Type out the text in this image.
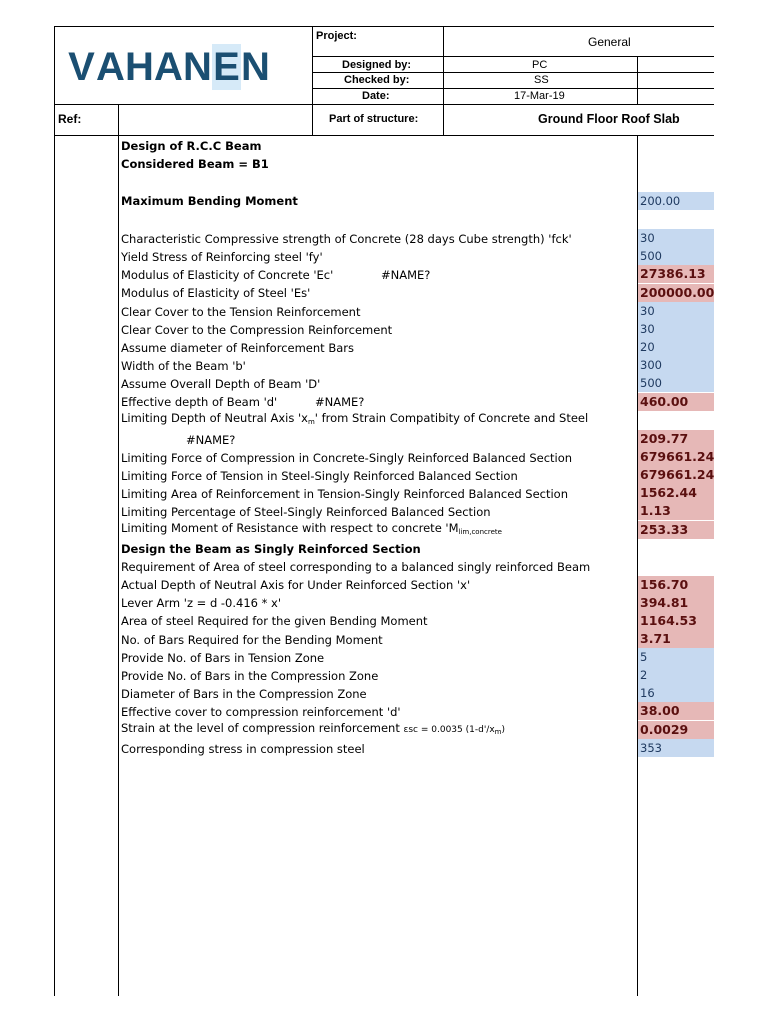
V A H A N E N
Project:	General
Designed by:	PC
Checked by:	SS
Date:	17-Mar-19
Ref:	Part of structure:	Ground Floor Roof Slab
Design of R.C.C Beam
Considered Beam = B1
Maximum Bending Moment	200.00
Characteristic Compressive strength of Concrete (28 days Cube strength) 'fck'	30
Yield Stress of Reinforcing steel 'fy'	500
Modulus of Elasticity of Concrete 'Ec'	#NAME?	27386.13
Modulus of Elasticity of Steel 'Es'	200000.00
Clear Cover to the Tension Reinforcement	30
Clear Cover to the Compression Reinforcement	30
Assume diameter of Reinforcement Bars	20
Width of the Beam 'b'	300
Assume Overall Depth of Beam 'D'	500
Effective depth of Beam 'd'	#NAME?	460.00
Limiting Depth of Neutral Axis '$x_m$' from Strain Compatibity of Concrete and Steel
#NAME?	209.77
Limiting Force of Compression in Concrete-Singly Reinforced Balanced Section	679661.24
Limiting Force of Tension in Steel-Singly Reinforced Balanced Section	679661.24
Limiting Area of Reinforcement in Tension-Singly Reinforced Balanced Section	1562.44
Limiting Percentage of Steel-Singly Reinforced Balanced Section	1.13
Limiting Moment of Resistance with respect to concrete '$M_{lim,concrete}$	253.33
Design the Beam as Singly Reinforced Section
Requirement of Area of steel corresponding to a balanced singly reinforced Beam
Actual Depth of Neutral Axis for Under Reinforced Section 'x'	156.70
Lever Arm 'z = d -0.416 * x'	394.81
Area of steel Required for the given Bending Moment	1164.53
No. of Bars Required for the Bending Moment	3.71
Provide No. of Bars in Tension Zone	5
Provide No. of Bars in the Compression Zone	2
Diameter of Bars in the Compression Zone	16
Effective cover to compression reinforcement 'd'	38.00
Strain at the level of compression reinforcement εsc = 0.0035 $(1-d'/x_m)$	0.0029
Corresponding stress in compression steel	353
